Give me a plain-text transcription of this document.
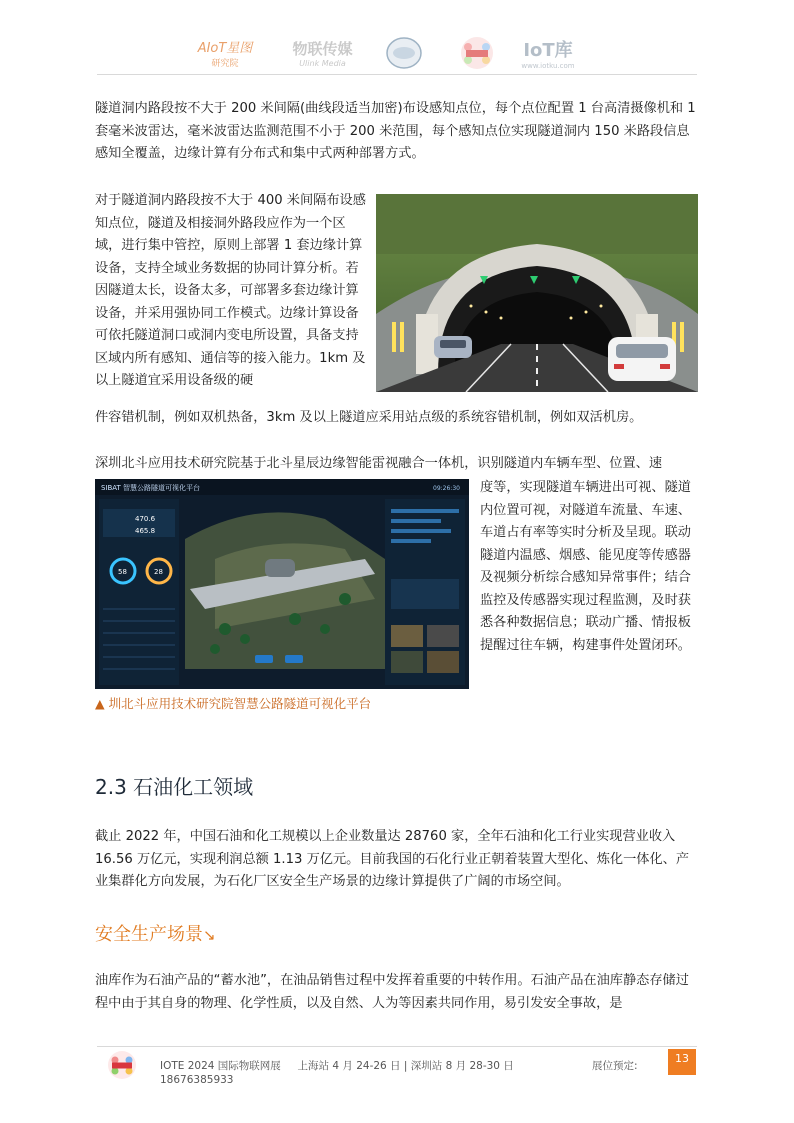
AIoT星图
研究院
物联传媒
Ulink Media
IoT库
www.iotku.com

隧道洞内路段按不大于 200 米间隔(曲线段适当加密)布设感知点位，每个点位配置 1 台高清摄像机和 1 套毫米波雷达，毫米波雷达监测范围不小于 200 米范围，每个感知点位实现隧道洞内 150 米路段信息感知全覆盖，边缘计算有分布式和集中式两种部署方式。

对于隧道洞内路段按不大于 400 米间隔布设感知点位，隧道及相接洞外路段应作为一个区域，进行集中管控，原则上部署 1 套边缘计算设备，支持全域业务数据的协同计算分析。若因隧道太长，设备太多，可部署多套边缘计算设备，并采用强协同工作模式。边缘计算设备可依托隧道洞口或洞内变电所设置，具备支持区域内所有感知、通信等的接入能力。1km 及以上隧道宜采用设备级的硬

件容错机制，例如双机热备，3km 及以上隧道应采用站点级的系统容错机制，例如双活机房。

深圳北斗应用技术研究院基于北斗星辰边缘智能雷视融合一体机，识别隧道内车辆车型、位置、速

SIBAT 智慧公路隧道可视化平台	09:26:30
470.6
465.8
58	28

度等，实现隧道车辆进出可视、隧道内位置可视，对隧道车流量、车速、车道占有率等实时分析及呈现。联动隧道内温感、烟感、能见度等传感器及视频分析综合感知异常事件；结合监控及传感器实现过程监测，及时获悉各种数据信息；联动广播、情报板提醒过往车辆，构建事件处置闭环。

▲ 圳北斗应用技术研究院智慧公路隧道可视化平台
2.3 石油化工领域

截止 2022 年，中国石油和化工规模以上企业数量达 28760 家，全年石油和化工行业实现营业收入 16.56 万亿元，实现利润总额 1.13 万亿元。目前我国的石化行业正朝着装置大型化、炼化一体化、产业集群化方向发展，为石化厂区安全生产场景的边缘计算提供了广阔的市场空间。

安全生产场景↘

油库作为石油产品的“蓄水池”，在油品销售过程中发挥着重要的中转作用。石油产品在油库静态存储过程中由于其自身的物理、化学性质，以及自然、人为等因素共同作用，易引发安全事故，是

IOTE 2024 国际物联网展 上海站 4 月 24-26 日 | 深圳站 8 月 28-30 日
18676385933
展位预定:
13
